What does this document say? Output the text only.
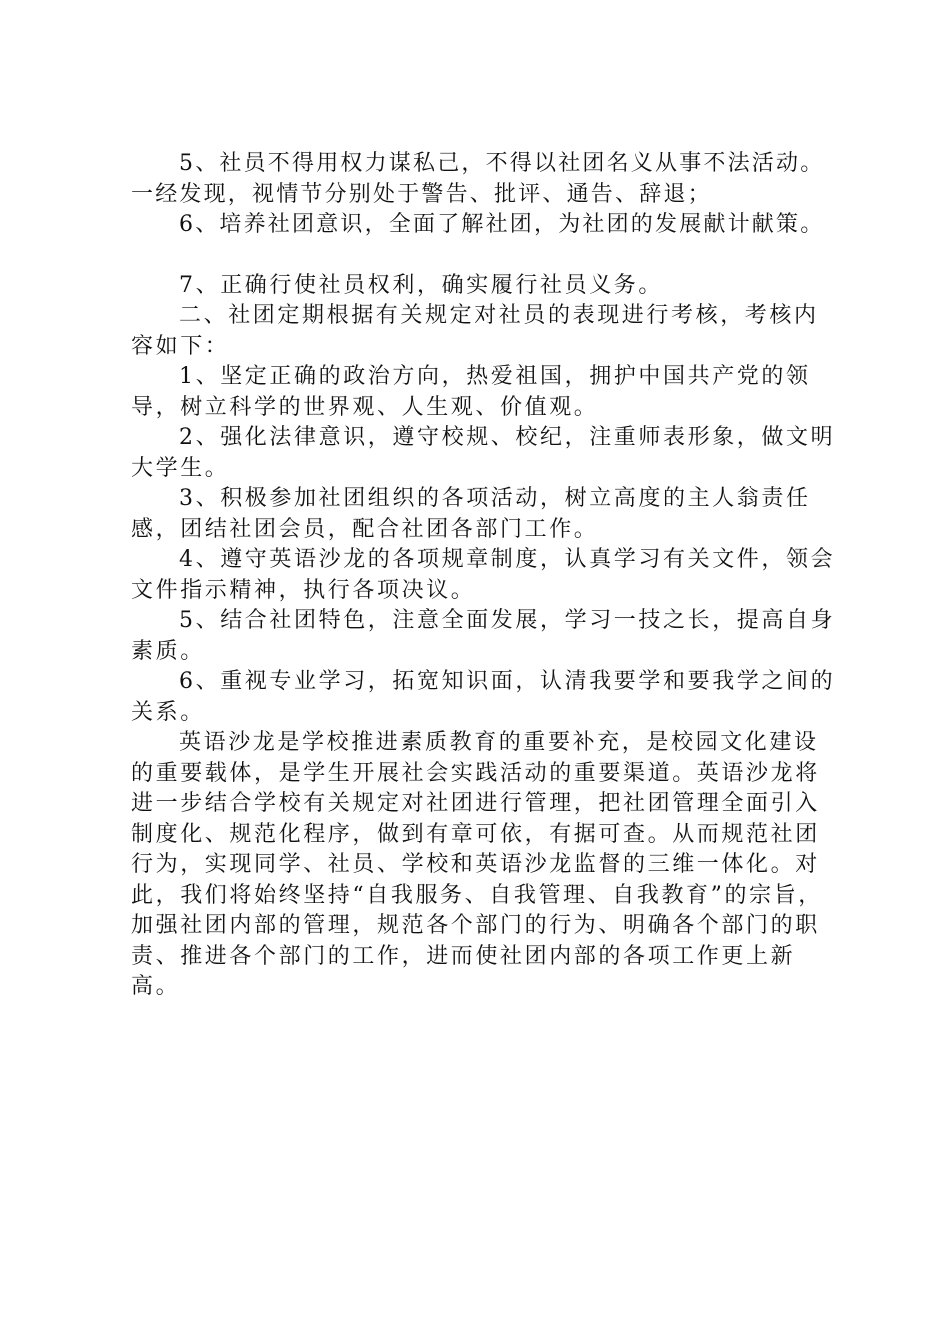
5、社员不得用权力谋私己，不得以社团名义从事不法活动。一经发现，视情节分别处于警告、批评、通告、辞退；

6、培养社团意识，全面了解社团，为社团的发展献计献策。

7、正确行使社员权利，确实履行社员义务。

二、社团定期根据有关规定对社员的表现进行考核，考核内容如下：

1、坚定正确的政治方向，热爱祖国，拥护中国共产党的领导，树立科学的世界观、人生观、价值观。

2、强化法律意识，遵守校规、校纪，注重师表形象，做文明大学生。

3、积极参加社团组织的各项活动，树立高度的主人翁责任感，团结社团会员，配合社团各部门工作。

4、遵守英语沙龙的各项规章制度，认真学习有关文件，领会文件指示精神，执行各项决议。

5、结合社团特色，注意全面发展，学习一技之长，提高自身素质。

6、重视专业学习，拓宽知识面，认清我要学和要我学之间的关系。

英语沙龙是学校推进素质教育的重要补充，是校园文化建设的重要载体，是学生开展社会实践活动的重要渠道。英语沙龙将进一步结合学校有关规定对社团进行管理，把社团管理全面引入制度化、规范化程序，做到有章可依，有据可查。从而规范社团行为，实现同学、社员、学校和英语沙龙监督的三维一体化。对此，我们将始终坚持“自我服务、自我管理、自我教育”的宗旨，加强社团内部的管理，规范各个部门的行为、明确各个部门的职责、推进各个部门的工作，进而使社团内部的各项工作更上新高。
